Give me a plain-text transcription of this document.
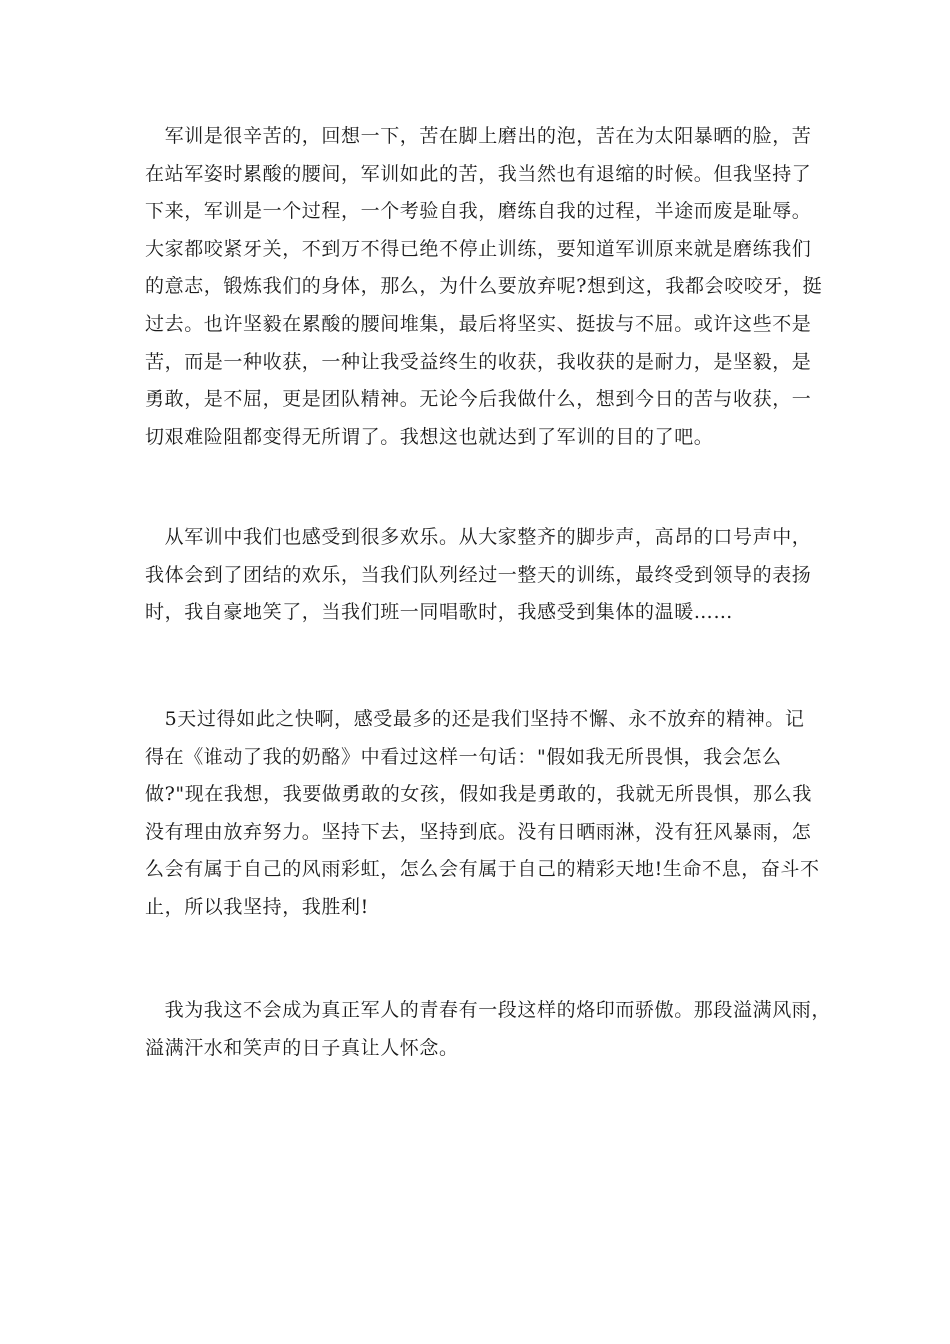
　军训是很辛苦的，回想一下，苦在脚上磨出的泡，苦在为太阳暴晒的脸，苦
在站军姿时累酸的腰间，军训如此的苦，我当然也有退缩的时候。但我坚持了
下来，军训是一个过程，一个考验自我，磨练自我的过程，半途而废是耻辱。
大家都咬紧牙关，不到万不得已绝不停止训练，要知道军训原来就是磨练我们
的意志，锻炼我们的身体，那么，为什么要放弃呢?想到这，我都会咬咬牙，挺
过去。也许坚毅在累酸的腰间堆集，最后将坚实、挺拔与不屈。或许这些不是
苦，而是一种收获，一种让我受益终生的收获，我收获的是耐力，是坚毅，是
勇敢，是不屈，更是团队精神。无论今后我做什么，想到今日的苦与收获，一
切艰难险阻都变得无所谓了。我想这也就达到了军训的目的了吧。
　从军训中我们也感受到很多欢乐。从大家整齐的脚步声，高昂的口号声中，
我体会到了团结的欢乐，当我们队列经过一整天的训练，最终受到领导的表扬
时，我自豪地笑了，当我们班一同唱歌时，我感受到集体的温暖……
　5天过得如此之快啊，感受最多的还是我们坚持不懈、永不放弃的精神。记
得在《谁动了我的奶酪》中看过这样一句话："假如我无所畏惧，我会怎么
做?"现在我想，我要做勇敢的女孩，假如我是勇敢的，我就无所畏惧，那么我
没有理由放弃努力。坚持下去，坚持到底。没有日晒雨淋，没有狂风暴雨，怎
么会有属于自己的风雨彩虹，怎么会有属于自己的精彩天地!生命不息，奋斗不
止，所以我坚持，我胜利!
　我为我这不会成为真正军人的青春有一段这样的烙印而骄傲。那段溢满风雨，
溢满汗水和笑声的日子真让人怀念。
